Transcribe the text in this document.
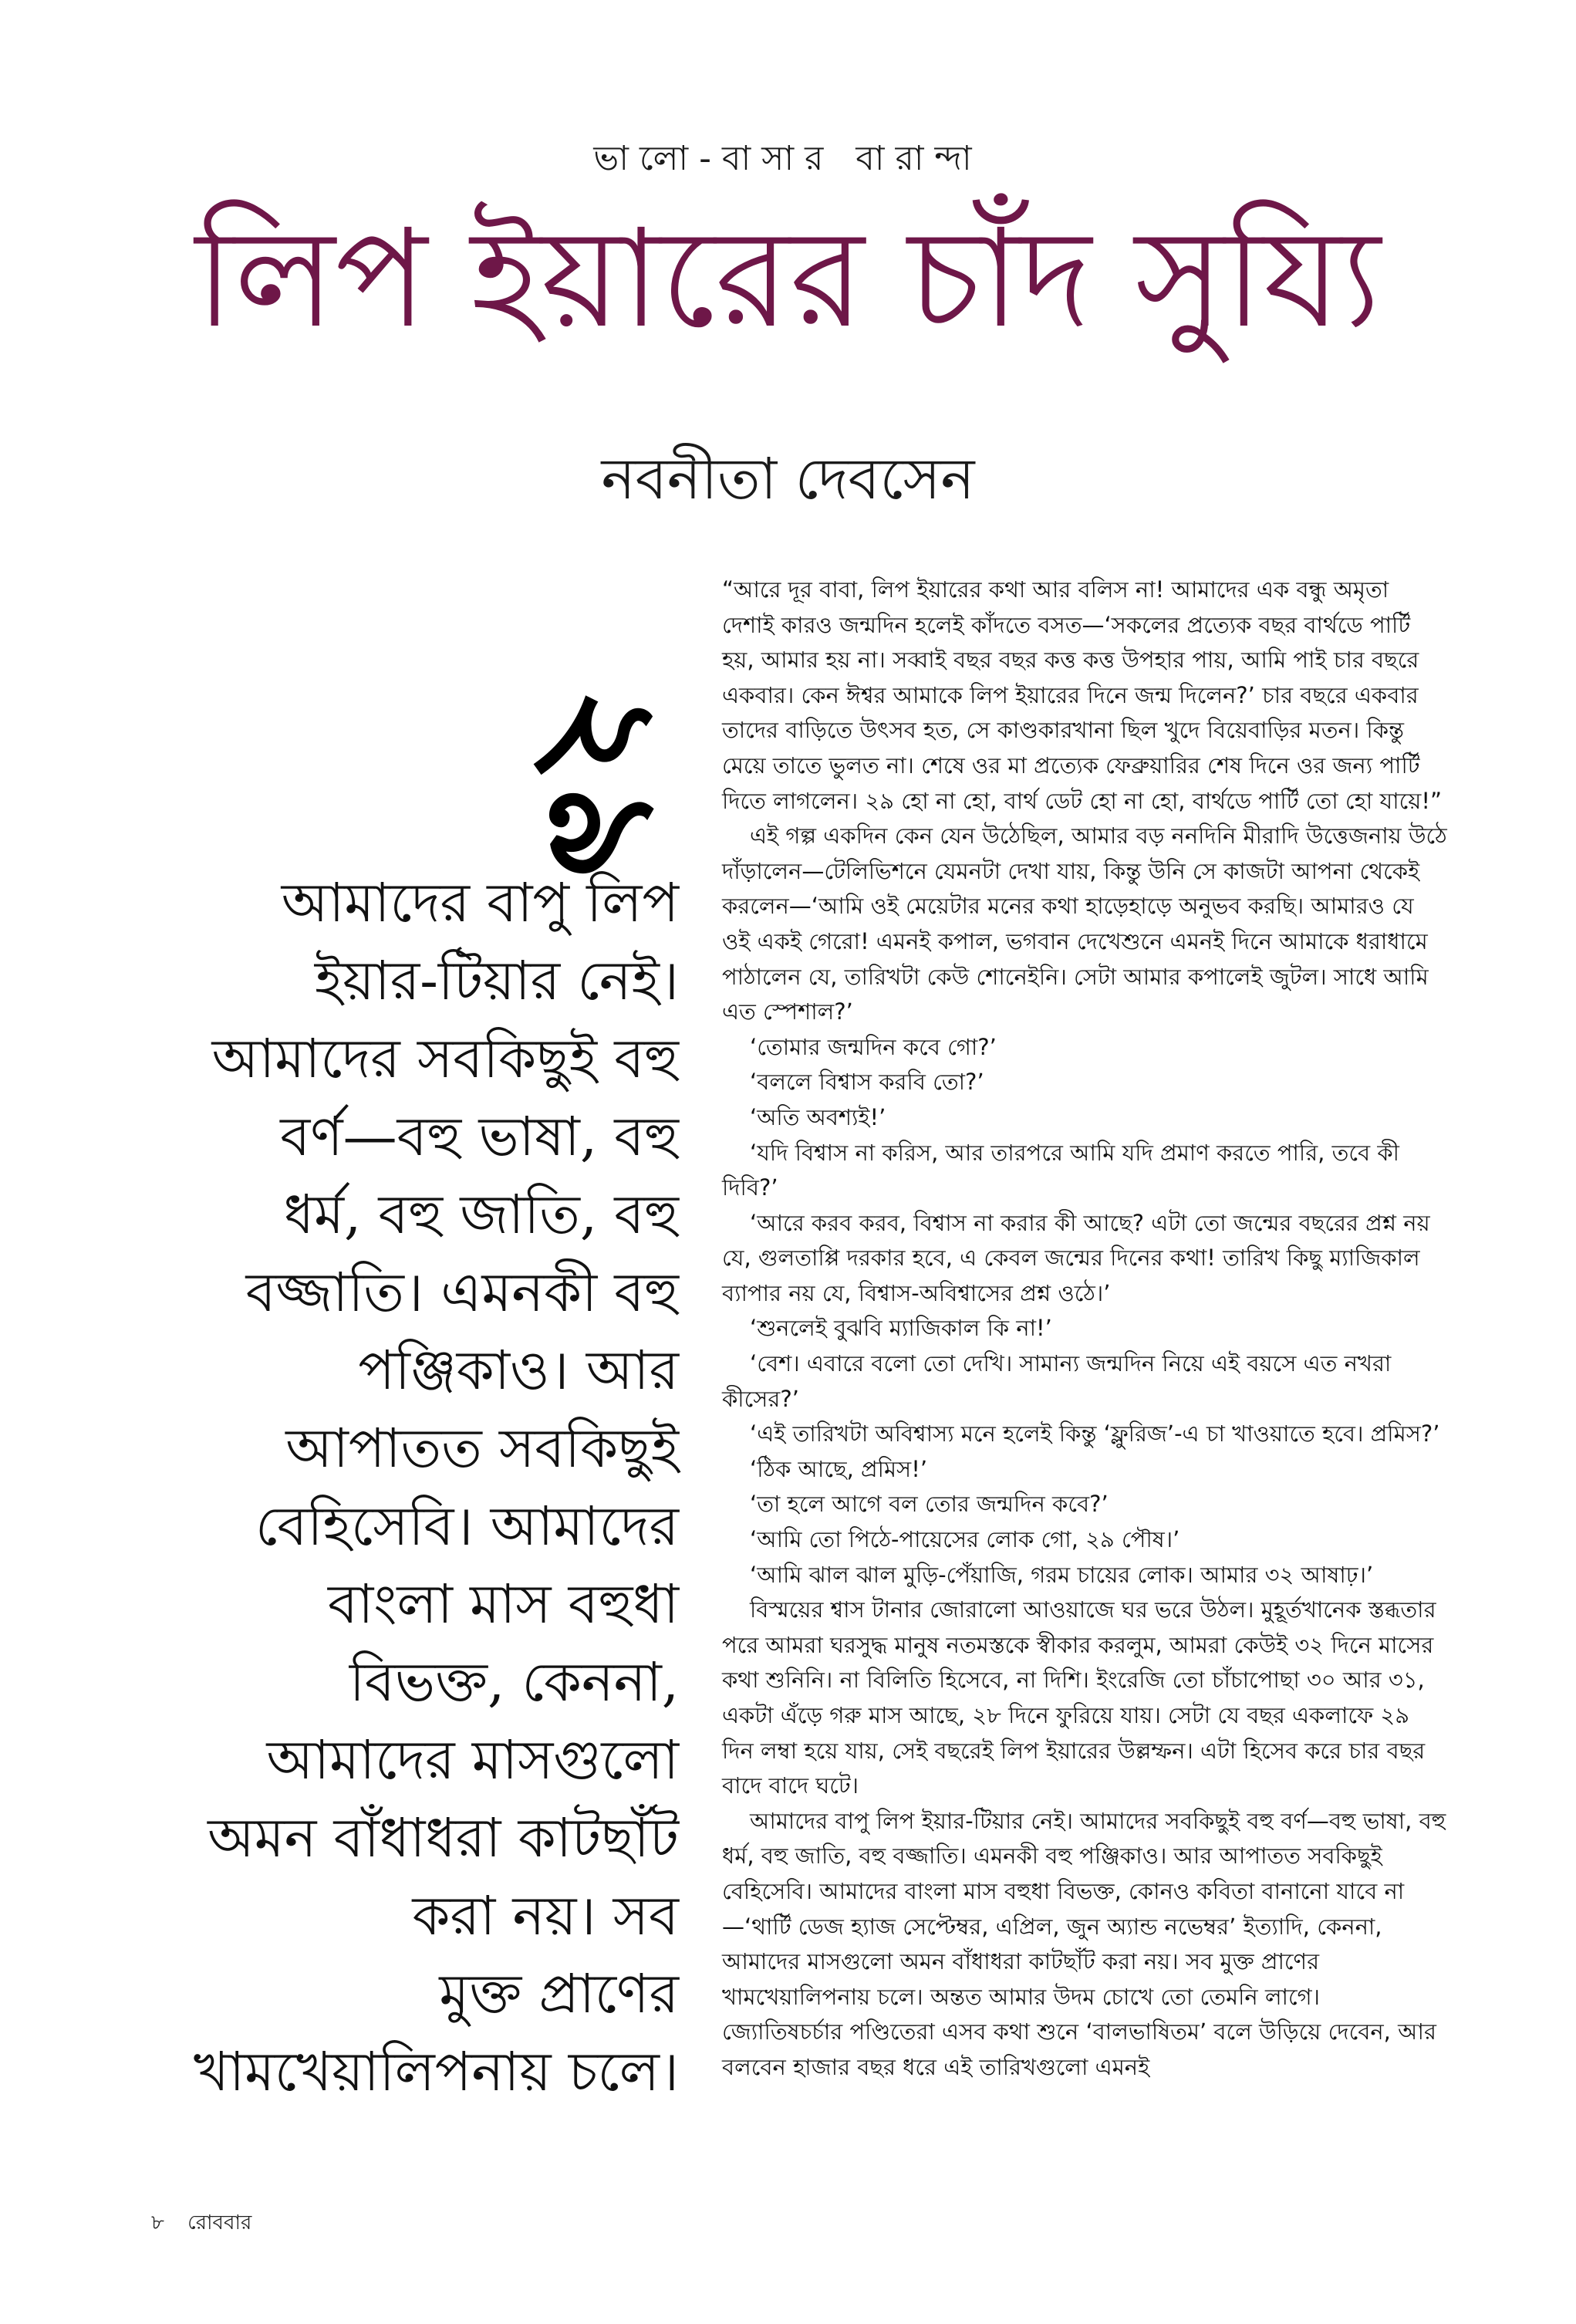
ভালো-বাসার বারান্দা
লিপ ইয়ারের চাঁদ সুয্যি
নবনীতা দেবসেন
২৯
আমাদের বাপু লিপ
ইয়ার-টিয়ার নেই।
আমাদের সবকিছুই বহু
বর্ণ—বহু ভাষা, বহু
ধর্ম, বহু জাতি, বহু
বজ্জাতি। এমনকী বহু
পঞ্জিকাও। আর
আপাতত সবকিছুই
বেহিসেবি। আমাদের
বাংলা মাস বহুধা
বিভক্ত, কেননা,
আমাদের মাসগুলো
অমন বাঁধাধরা কাটছাঁট
করা নয়। সব
মুক্ত প্রাণের
খামখেয়ালিপনায় চলে।

“আরে দূর বাবা, লিপ ইয়ারের কথা আর বলিস না! আমাদের এক বন্ধু অমৃতা দেশাই কারও জন্মদিন হলেই কাঁদতে বসত—‘সকলের প্রত্যেক বছর বার্থডে পার্টি হয়, আমার হয় না। সব্বাই বছর বছর কত্ত কত্ত উপহার পায়, আমি পাই চার বছরে একবার। কেন ঈশ্বর আমাকে লিপ ইয়ারের দিনে জন্ম দিলেন?’ চার বছরে একবার তাদের বাড়িতে উৎসব হত, সে কাণ্ডকারখানা ছিল খুদে বিয়েবাড়ির মতন। কিন্তু মেয়ে তাতে ভুলত না। শেষে ওর মা প্রত্যেক ফেব্রুয়ারির শেষ দিনে ওর জন্য পার্টি দিতে লাগলেন। ২৯ হো না হো, বার্থ ডেট হো না হো, বার্থডে পার্টি তো হো যায়ে!”

এই গল্প একদিন কেন যেন উঠেছিল, আমার বড় ননদিনি মীরাদি উত্তেজনায় উঠে দাঁড়ালেন—টেলিভিশনে যেমনটা দেখা যায়, কিন্তু উনি সে কাজটা আপনা থেকেই করলেন—‘আমি ওই মেয়েটার মনের কথা হাড়েহাড়ে অনুভব করছি। আমারও যে ওই একই গেরো! এমনই কপাল, ভগবান দেখেশুনে এমনই দিনে আমাকে ধরাধামে পাঠালেন যে, তারিখটা কেউ শোনেইনি। সেটা আমার কপালেই জুটল। সাধে আমি এত স্পেশাল?’

‘তোমার জন্মদিন কবে গো?’

‘বললে বিশ্বাস করবি তো?’

‘অতি অবশ্যই!’

‘যদি বিশ্বাস না করিস, আর তারপরে আমি যদি প্রমাণ করতে পারি, তবে কী দিবি?’

‘আরে করব করব, বিশ্বাস না করার কী আছে? এটা তো জন্মের বছরের প্রশ্ন নয় যে, গুলতাপ্পি দরকার হবে, এ কেবল জন্মের দিনের কথা! তারিখ কিছু ম্যাজিকাল ব্যাপার নয় যে, বিশ্বাস-অবিশ্বাসের প্রশ্ন ওঠে।’

‘শুনলেই বুঝবি ম্যাজিকাল কি না!’

‘বেশ। এবারে বলো তো দেখি। সামান্য জন্মদিন নিয়ে এই বয়সে এত নখরা কীসের?’

‘এই তারিখটা অবিশ্বাস্য মনে হলেই কিন্তু ‘ফ্লুরিজ’-এ চা খাওয়াতে হবে। প্রমিস?’

‘ঠিক আছে, প্রমিস!’

‘তা হলে আগে বল তোর জন্মদিন কবে?’

‘আমি তো পিঠে-পায়েসের লোক গো, ২৯ পৌষ।’

‘আমি ঝাল ঝাল মুড়ি-পেঁয়াজি, গরম চায়ের লোক। আমার ৩২ আষাঢ়।’

বিস্ময়ের শ্বাস টানার জোরালো আওয়াজে ঘর ভরে উঠল। মুহূর্তখানেক স্তব্ধতার পরে আমরা ঘরসুদ্ধ মানুষ নতমস্তকে স্বীকার করলুম, আমরা কেউই ৩২ দিনে মাসের কথা শুনিনি। না বিলিতি হিসেবে, না দিশি। ইংরেজি তো চাঁচাপোছা ৩০ আর ৩১, একটা এঁড়ে গরু মাস আছে, ২৮ দিনে ফুরিয়ে যায়। সেটা যে বছর একলাফে ২৯ দিন লম্বা হয়ে যায়, সেই বছরেই লিপ ইয়ারের উল্লম্ফন। এটা হিসেব করে চার বছর বাদে বাদে ঘটে।

আমাদের বাপু লিপ ইয়ার-টিয়ার নেই। আমাদের সবকিছুই বহু বর্ণ—বহু ভাষা, বহু ধর্ম, বহু জাতি, বহু বজ্জাতি। এমনকী বহু পঞ্জিকাও। আর আপাতত সবকিছুই বেহিসেবি। আমাদের বাংলা মাস বহুধা বিভক্ত, কোনও কবিতা বানানো যাবে না—‘থার্টি ডেজ হ্যাজ সেপ্টেম্বর, এপ্রিল, জুন অ্যান্ড নভেম্বর’ ইত্যাদি, কেননা, আমাদের মাসগুলো অমন বাঁধাধরা কাটছাঁট করা নয়। সব মুক্ত প্রাণের খামখেয়ালিপনায় চলে। অন্তত আমার উদম চোখে তো তেমনি লাগে। জ্যোতিষচর্চার পণ্ডিতেরা এসব কথা শুনে ‘বালভাষিতম’ বলে উড়িয়ে দেবেন, আর বলবেন হাজার বছর ধরে এই তারিখগুলো এমনই

৮ রোববার
